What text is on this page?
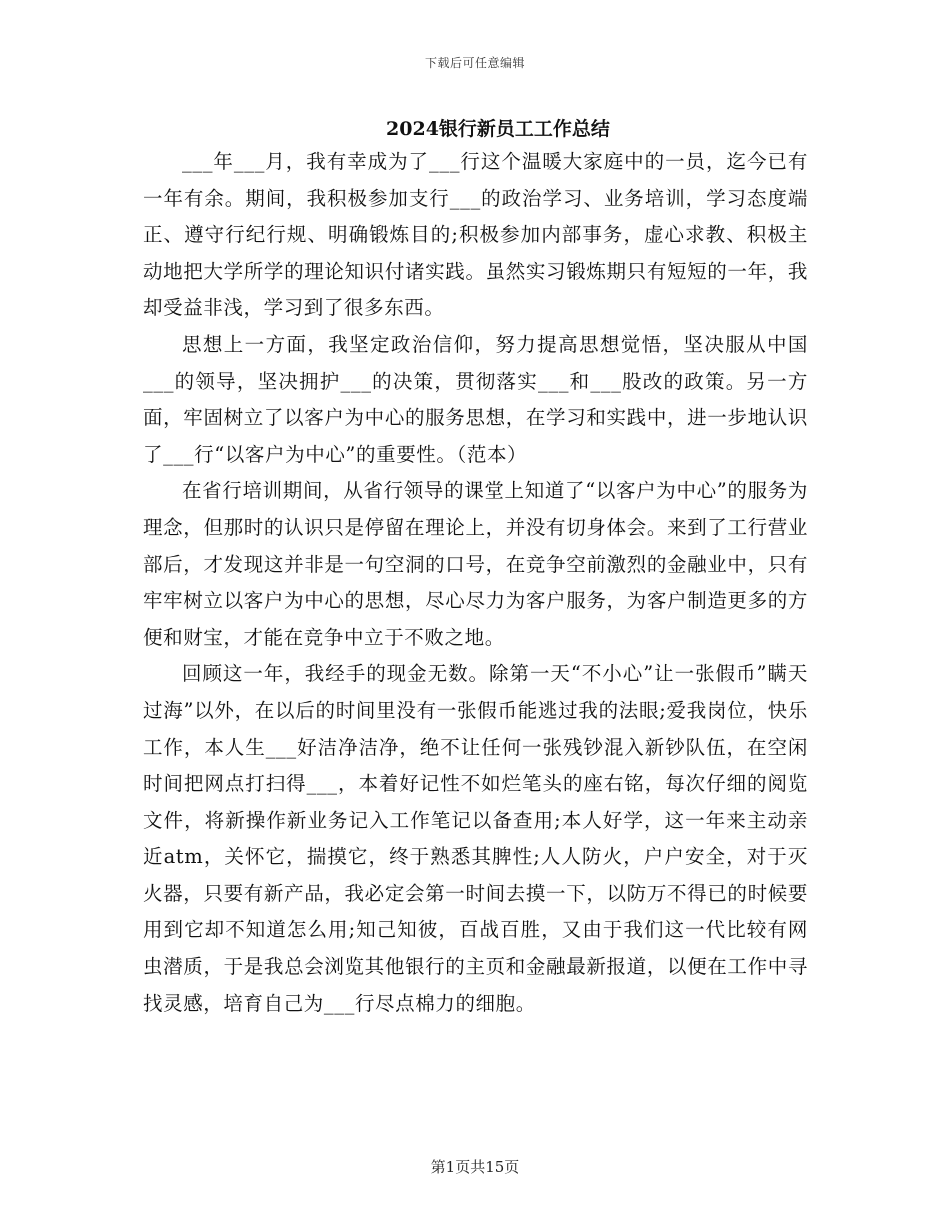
下载后可任意编辑
2024银行新员工工作总结

___年___月，我有幸成为了___行这个温暖大家庭中的一员，迄今已有一年有余。期间，我积极参加支行___的政治学习、业务培训，学习态度端正、遵守行纪行规、明确锻炼目的;积极参加内部事务，虚心求教、积极主动地把大学所学的理论知识付诸实践。虽然实习锻炼期只有短短的一年，我却受益非浅，学习到了很多东西。

思想上一方面，我坚定政治信仰，努力提高思想觉悟，坚决服从中国___的领导，坚决拥护___的决策，贯彻落实___和___股改的政策。另一方面，牢固树立了以客户为中心的服务思想，在学习和实践中，进一步地认识了___行“以客户为中心”的重要性。（范本）

在省行培训期间，从省行领导的课堂上知道了“以客户为中心”的服务为理念，但那时的认识只是停留在理论上，并没有切身体会。来到了工行营业部后，才发现这并非是一句空洞的口号，在竞争空前激烈的金融业中，只有牢牢树立以客户为中心的思想，尽心尽力为客户服务，为客户制造更多的方便和财宝，才能在竞争中立于不败之地。

回顾这一年，我经手的现金无数。除第一天“不小心”让一张假币”瞒天过海”以外，在以后的时间里没有一张假币能逃过我的法眼;爱我岗位，快乐工作，本人生___好洁净洁净，绝不让任何一张残钞混入新钞队伍，在空闲时间把网点打扫得___，本着好记性不如烂笔头的座右铭，每次仔细的阅览文件，将新操作新业务记入工作笔记以备查用;本人好学，这一年来主动亲近atm，关怀它，揣摸它，终于熟悉其脾性;人人防火，户户安全，对于灭火器，只要有新产品，我必定会第一时间去摸一下，以防万不得已的时候要用到它却不知道怎么用;知己知彼，百战百胜，又由于我们这一代比较有网虫潜质，于是我总会浏览其他银行的主页和金融最新报道，以便在工作中寻找灵感，培育自己为___行尽点棉力的细胞。

第1页共15页
